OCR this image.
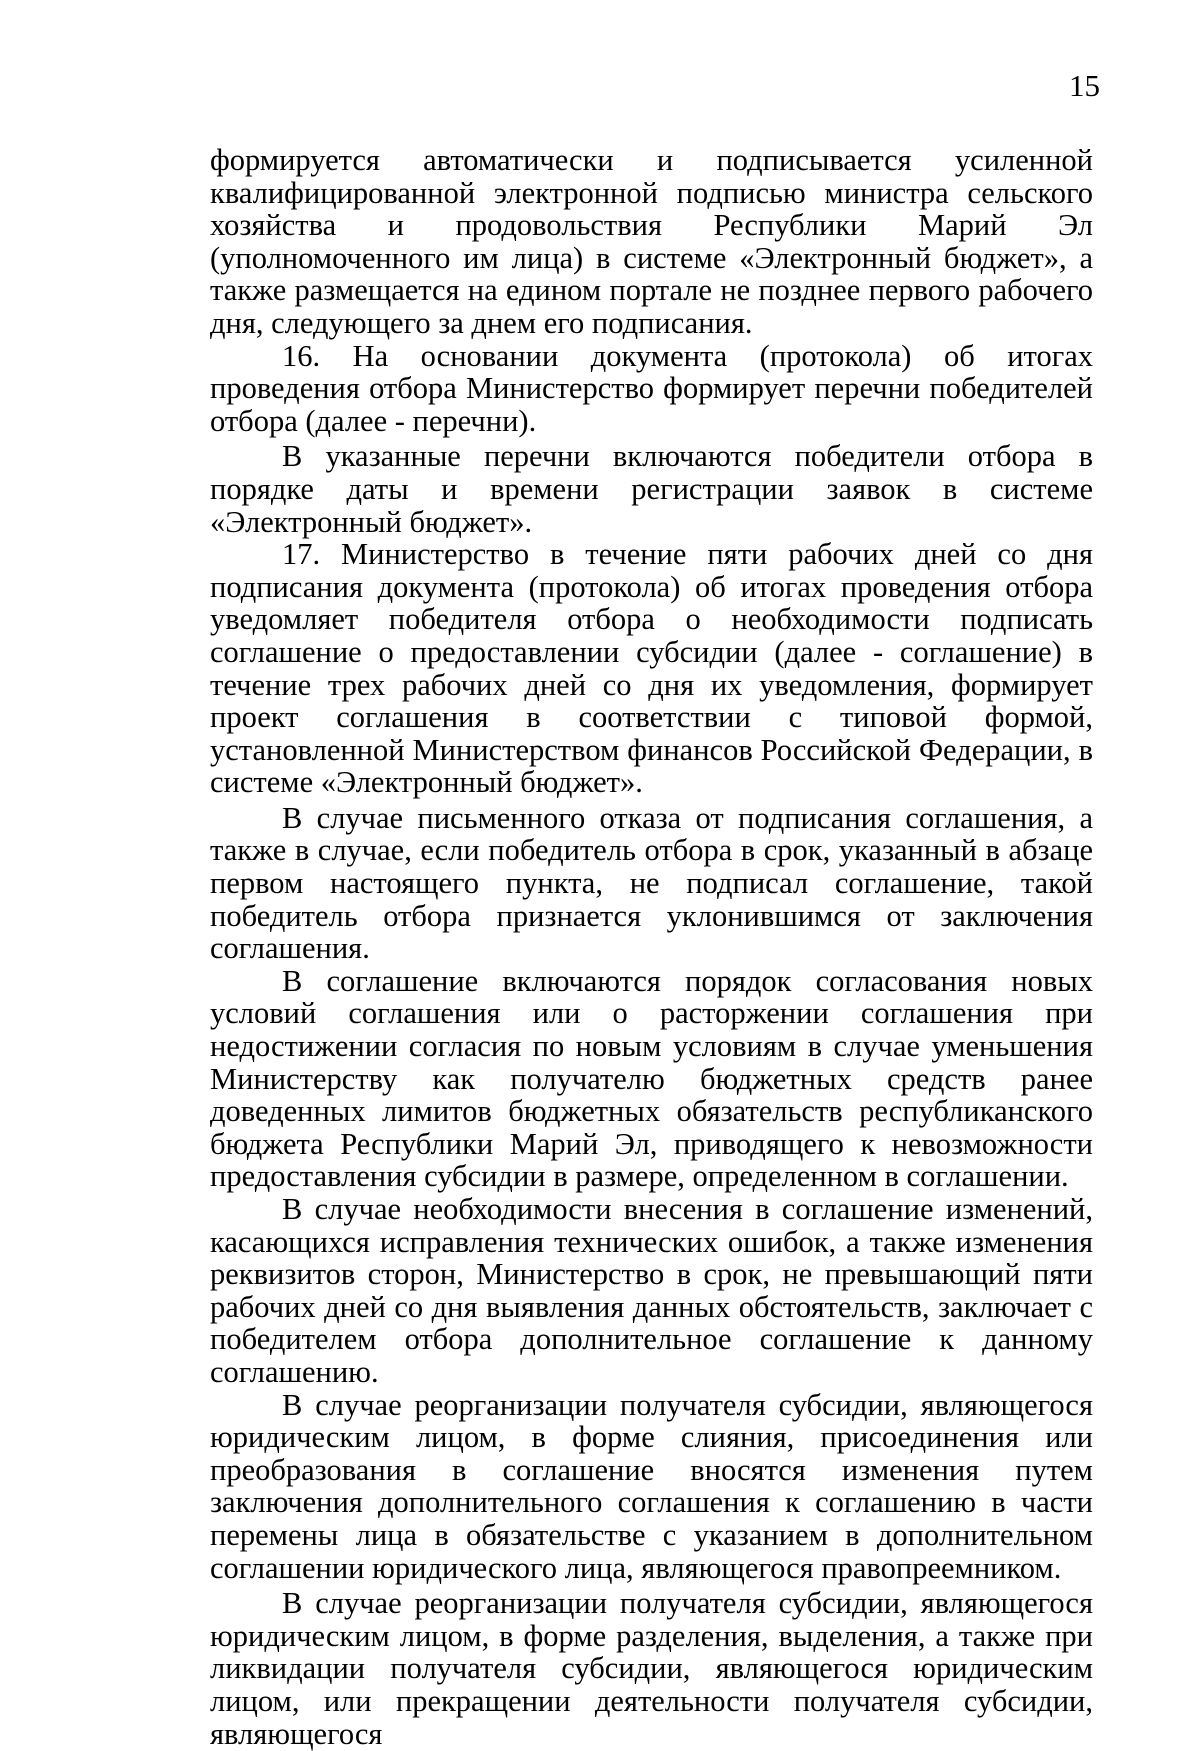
15

формируется автоматически и подписывается усиленной квалифицированной электронной подписью министра сельского хозяйства и продовольствия Республики Марий Эл (уполномоченного им лица) в системе «Электронный бюджет», а также размещается на едином портале не позднее первого рабочего дня, следующего за днем его подписания.

16. На основании документа (протокола) об итогах проведения отбора Министерство формирует перечни победителей отбора (далее - перечни).

В указанные перечни включаются победители отбора в порядке даты и времени регистрации заявок в системе «Электронный бюджет».

17. Министерство в течение пяти рабочих дней со дня подписания документа (протокола) об итогах проведения отбора уведомляет победителя отбора о необходимости подписать соглашение о предоставлении субсидии (далее - соглашение) в течение трех рабочих дней со дня их уведомления, формирует проект соглашения в соответствии с типовой формой, установленной Министерством финансов Российской Федерации, в системе «Электронный бюджет».

В случае письменного отказа от подписания соглашения, а также в случае, если победитель отбора в срок, указанный в абзаце первом настоящего пункта, не подписал соглашение, такой победитель отбора признается уклонившимся от заключения соглашения.

В соглашение включаются порядок согласования новых условий соглашения или о расторжении соглашения при недостижении согласия по новым условиям в случае уменьшения Министерству как получателю бюджетных средств ранее доведенных лимитов бюджетных обязательств республиканского бюджета Республики Марий Эл, приводящего к невозможности предоставления субсидии в размере, определенном в соглашении.

В случае необходимости внесения в соглашение изменений, касающихся исправления технических ошибок, а также изменения реквизитов сторон, Министерство в срок, не превышающий пяти рабочих дней со дня выявления данных обстоятельств, заключает с победителем отбора дополнительное соглашение к данному соглашению.

В случае реорганизации получателя субсидии, являющегося юридическим лицом, в форме слияния, присоединения или преобразования в соглашение вносятся изменения путем заключения дополнительного соглашения к соглашению в части перемены лица в обязательстве с указанием в дополнительном соглашении юридического лица, являющегося правопреемником.

В случае реорганизации получателя субсидии, являющегося юридическим лицом, в форме разделения, выделения, а также при ликвидации получателя субсидии, являющегося юридическим лицом, или прекращении деятельности получателя субсидии, являющегося
